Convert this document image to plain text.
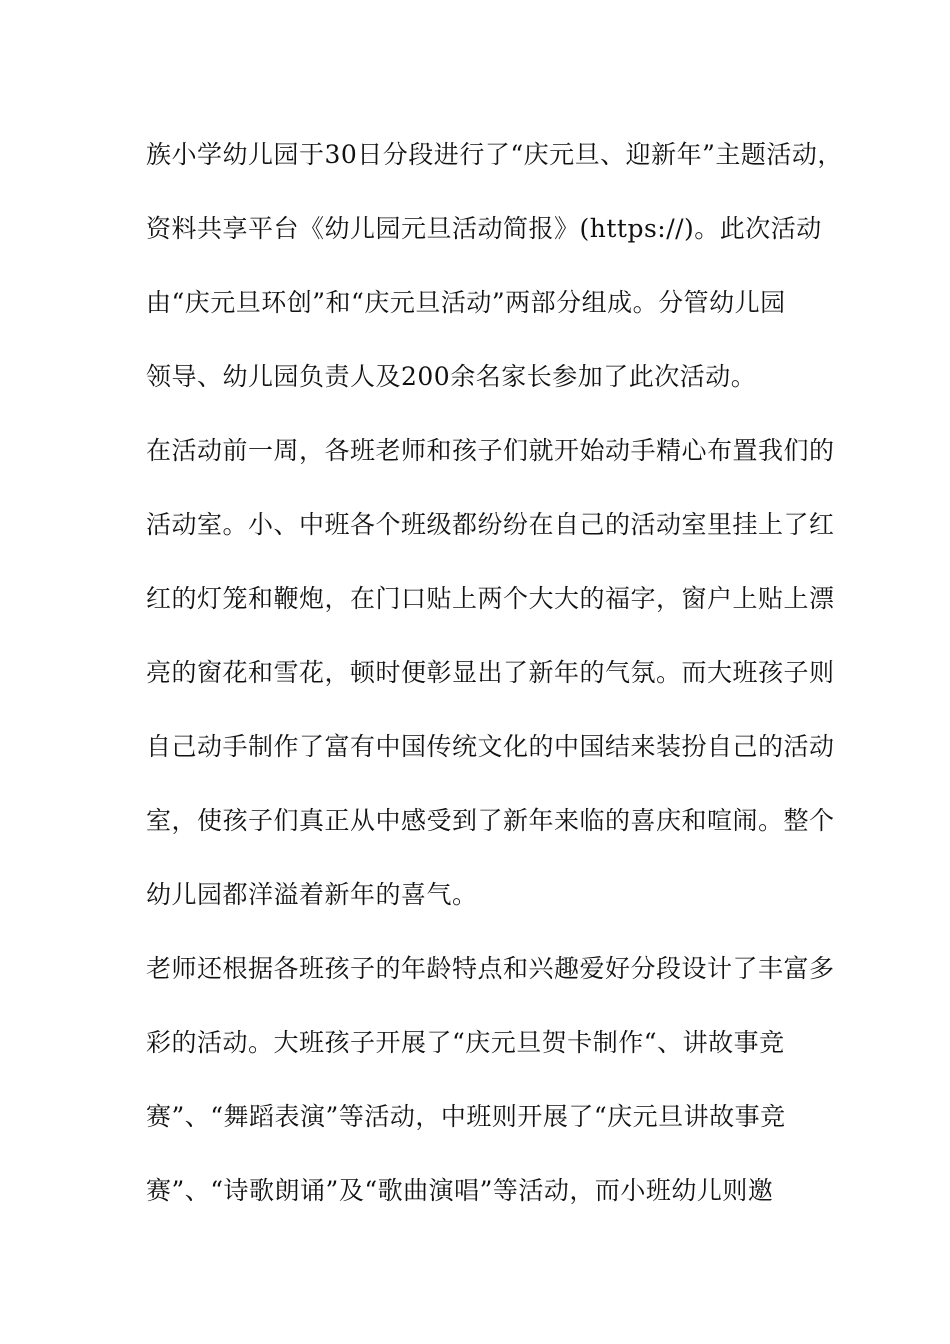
族小学幼儿园于30日分段进行了“庆元旦、迎新年”主题活动，
资料共享平台《幼儿园元旦活动简报》(https://)。此次活动
由“庆元旦环创”和“庆元旦活动”两部分组成。分管幼儿园
领导、幼儿园负责人及200余名家长参加了此次活动。
在活动前一周，各班老师和孩子们就开始动手精心布置我们的
活动室。小、中班各个班级都纷纷在自己的活动室里挂上了红
红的灯笼和鞭炮，在门口贴上两个大大的福字，窗户上贴上漂
亮的窗花和雪花，顿时便彰显出了新年的气氛。而大班孩子则
自己动手制作了富有中国传统文化的中国结来装扮自己的活动
室，使孩子们真正从中感受到了新年来临的喜庆和喧闹。整个
幼儿园都洋溢着新年的喜气。
老师还根据各班孩子的年龄特点和兴趣爱好分段设计了丰富多
彩的活动。大班孩子开展了“庆元旦贺卡制作“、讲故事竞
赛”、“舞蹈表演”等活动，中班则开展了“庆元旦讲故事竞
赛”、“诗歌朗诵”及“歌曲演唱”等活动，而小班幼儿则邀
